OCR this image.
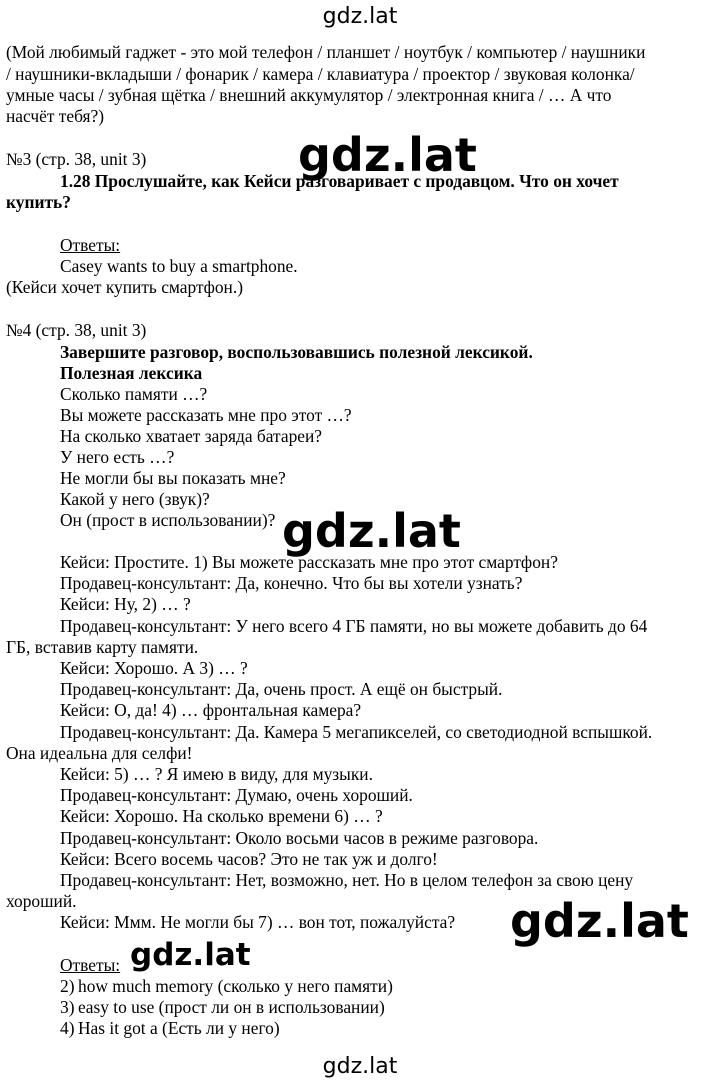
gdz.lat
(Мой любимый гаджет - это мой телефон / планшет / ноутбук / компьютер / наушники
/ наушники-вкладыши / фонарик / камера / клавиатура / проектор / звуковая колонка/
умные часы / зубная щётка / внешний аккумулятор / электронная книга / … А что
насчёт тебя?)
№3 (стр. 38, unit 3)
1.28 Прослушайте, как Кейси разговаривает с продавцом. Что он хочет
купить?
Ответы:
Casey wants to buy a smartphone.
(Кейси хочет купить смартфон.)
gdz.lat
№4 (стр. 38, unit 3)
Завершите разговор, воспользовавшись полезной лексикой.
Полезная лексика
Сколько памяти …?
Вы можете рассказать мне про этот …?
На сколько хватает заряда батареи?
У него есть …?
Не могли бы вы показать мне?
Какой у него (звук)?
Он (прост в использовании)? gdz.lat
Кейси: Простите. 1) Вы можете рассказать мне про этот смартфон?
Продавец-консультант: Да, конечно. Что бы вы хотели узнать?
Кейси: Ну, 2) … ?
Продавец-консультант: У него всего 4 ГБ памяти, но вы можете добавить до 64
ГБ, вставив карту памяти.
Кейси: Хорошо. А 3) … ?
Продавец-консультант: Да, очень прост. А ещё он быстрый.
Кейси: О, да! 4) … фронтальная камера?
Продавец-консультант: Да. Камера 5 мегапикселей, со светодиодной вспышкой.
Она идеальна для селфи!
Кейси: 5) … ? Я имею в виду, для музыки.
Продавец-консультант: Думаю, очень хороший.
Кейси: Хорошо. На сколько времени 6) … ?
Продавец-консультант: Около восьми часов в режиме разговора.
Кейси: Всего восемь часов? Это не так уж и долго!
Продавец-консультант: Нет, возможно, нет. Но в целом телефон за свою цену
хороший.
Кейси: Ммм. Не могли бы 7) … вон тот, пожалуйста? gdz.lat
Ответы: gdz.lat
2) how much memory (сколько у него памяти)
3) easy to use (прост ли он в использовании)
4) Has it got a (Есть ли у него)
gdz.lat
